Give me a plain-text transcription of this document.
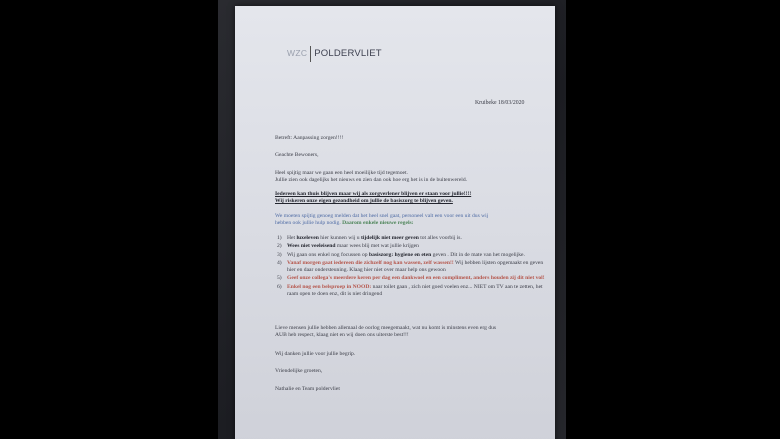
WZC POLDERVLIET
Kruibeke 18/03/2020
Betreft: Aanpassing zorgen!!!!
Geachte Bewoners,
Heel spijtig maar we gaan een heel moeilijke tijd tegemoet.
Jullie zien ook dagelijks het nieuws en zien dan ook hoe erg het is in de buitenwereld.
Iedereen kan thuis blijven maar wij als zorgverlener blijven er staan voor jullie!!!!
Wij riskeren onze eigen gezondheid om jullie de basiszorg te blijven geven.
We moeten spijtig genoeg melden dat het heel snel gaat, personeel valt een voor een uit dus wij
hebben ook jullie hulp nodig. Daarom enkele nieuwe regels:
1) Het luxeleven hier kunnen wij u tijdelijk niet meer geven tot alles voorbij is.
2) Wees niet veeleisend maar wees blij met wat jullie krijgen
3) Wij gaan ons enkel nog focussen op basiszorg: hygiene en eten geven . Dit in de mate van het mogelijke.
4) Vanaf morgen gaat iedereen die zichzelf nog kan wassen, zelf wassen!! Wij hebben lijsten opgemaakt en geven hier en daar ondersteuning. Klaag hier niet over maar help ons gewoon
5) Geef onze collega's meerdere keren per dag een dankwoel en een compliment, anders houden zij dit niet vol!
6) Enkel nog een belsproep in NOOD: naar toilet gaan , zich niet goed voelen enz... NIET om TV aan te zetten, het raam open te doen enz, dit is niet dringend
Lieve mensen jullie hebben allemaal de oorlog meegemaakt, wat nu komt is minstens even erg dus
AUB heb respect, klaag niet en wij doen ons uiterste best!!!
Wij danken jullie voor jullie begrip.
Vriendelijke groeten,
Nathalie en Team poldervliet
